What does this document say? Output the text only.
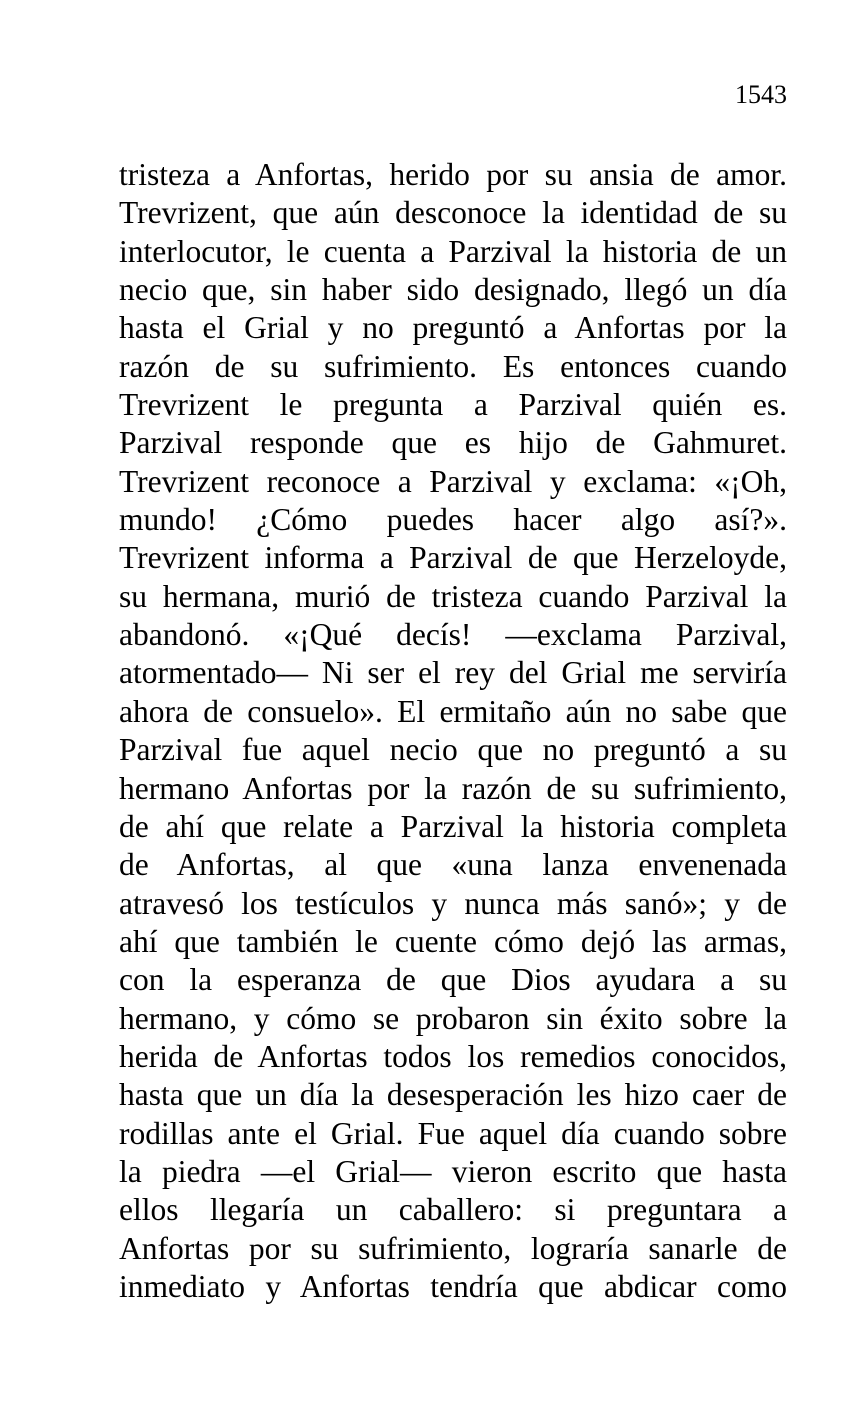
1543
tristeza a Anfortas, herido por su ansia de amor.
Trevrizent, que aún desconoce la identidad de su
interlocutor, le cuenta a Parzival la historia de un
necio que, sin haber sido designado, llegó un día
hasta el Grial y no preguntó a Anfortas por la
razón de su sufrimiento. Es entonces cuando
Trevrizent le pregunta a Parzival quién es.
Parzival responde que es hijo de Gahmuret.
Trevrizent reconoce a Parzival y exclama: «¡Oh,
mundo! ¿Cómo puedes hacer algo así?».
Trevrizent informa a Parzival de que Herzeloyde,
su hermana, murió de tristeza cuando Parzival la
abandonó. «¡Qué decís! —exclama Parzival,
atormentado— Ni ser el rey del Grial me serviría
ahora de consuelo». El ermitaño aún no sabe que
Parzival fue aquel necio que no preguntó a su
hermano Anfortas por la razón de su sufrimiento,
de ahí que relate a Parzival la historia completa
de Anfortas, al que «una lanza envenenada
atravesó los testículos y nunca más sanó»; y de
ahí que también le cuente cómo dejó las armas,
con la esperanza de que Dios ayudara a su
hermano, y cómo se probaron sin éxito sobre la
herida de Anfortas todos los remedios conocidos,
hasta que un día la desesperación les hizo caer de
rodillas ante el Grial. Fue aquel día cuando sobre
la piedra —el Grial— vieron escrito que hasta
ellos llegaría un caballero: si preguntara a
Anfortas por su sufrimiento, lograría sanarle de
inmediato y Anfortas tendría que abdicar como
